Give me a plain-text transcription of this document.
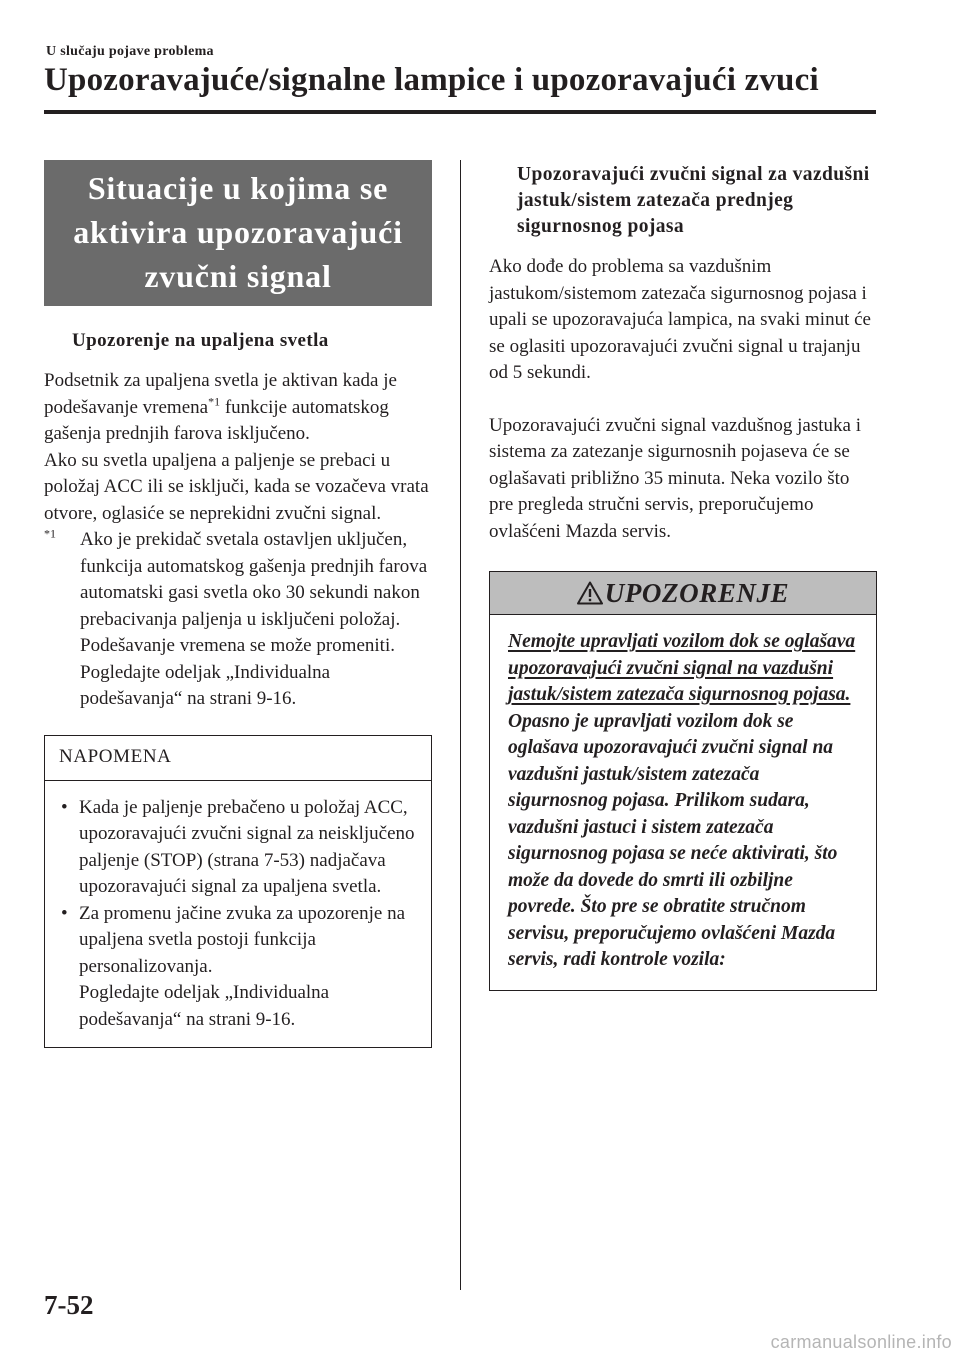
U slučaju pojave problema
Upozoravajuće/signalne lampice i upozoravajući zvuci
Situacije u kojima se
aktivira upozoravajući
zvučni signal
Upozorenje na upaljena svetla
Podsetnik za upaljena svetla je aktivan kada je podešavanje vremena$^{*1}$ funkcije automatskog gašenja prednjih farova isključeno.
Ako su svetla upaljena a paljenje se prebaci u položaj ACC ili se isključi, kada se vozačeva vrata otvore, oglasiće se neprekidni zvučni signal.
$^{*1}$	Ako je prekidač svetala ostavljen uključen, funkcija automatskog gašenja prednjih farova automatski gasi svetla oko 30 sekundi nakon prebacivanja paljenja u isključeni položaj. Podešavanje vremena se može promeniti.
Pogledajte odeljak „Individualna podešavanja“ na strani 9-16.
NAPOMENA
• Kada je paljenje prebačeno u položaj ACC, upozoravajući zvučni signal za neisključeno paljenje (STOP) (strana 7-53) nadjačava upozoravajući signal za upaljena svetla.
• Za promenu jačine zvuka za upozorenje na upaljena svetla postoji funkcija personalizovanja.
Pogledajte odeljak „Individualna podešavanja“ na strani 9-16.
Upozoravajući zvučni signal za vazdušni jastuk/sistem zatezača prednjeg sigurnosnog pojasa
Ako dođe do problema sa vazdušnim jastukom/sistemom zatezača sigurnosnog pojasa i upali se upozoravajuća lampica, na svaki minut će se oglasiti upozoravajući zvučni signal u trajanju od 5 sekundi.
Upozoravajući zvučni signal vazdušnog jastuka i sistema za zatezanje sigurnosnih pojaseva će se oglašavati približno 35 minuta. Neka vozilo što pre pregleda stručni servis, preporučujemo ovlašćeni Mazda servis.
UPOZORENJE
Nemojte upravljati vozilom dok se oglašava upozoravajući zvučni signal na vazdušni jastuk/sistem zatezača sigurnosnog pojasa.
Opasno je upravljati vozilom dok se oglašava upozoravajući zvučni signal na vazdušni jastuk/sistem zatezača sigurnosnog pojasa. Prilikom sudara, vazdušni jastuci i sistem zatezača sigurnosnog pojasa se neće aktivirati, što može da dovede do smrti ili ozbiljne povrede. Što pre se obratite stručnom servisu, preporučujemo ovlašćeni Mazda servis, radi kontrole vozila:
7-52
carmanualsonline.info
